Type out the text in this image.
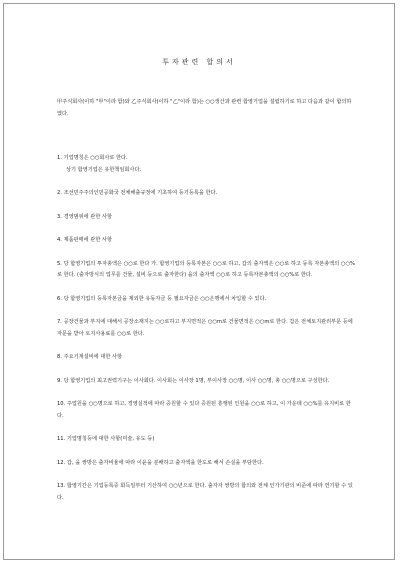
투자관련 합의서

甲주식회사(이하 "甲"이라 함)와 乙주식회사(이하 "乙"이라 함)는 ○○생산과 관련 합영기업을 설립하기로 하고 다음과 같이 합의하였다.

1. 기업명칭은 ○○회사로 한다.

상기 합영기업은 유한책임회사다.

2. 조선민주주의인민공화국 전체해출규정에 기초하여 등기등록을 한다.

3. 경영범위에 관한 사항

4. 제품판매에 관한 사항

5. 당 합영기업의 투자총액은 ○○로 한다 가. 합영기업의 등록자본은 ○○로 하고, 갑의 출자액은 ○○로 하고 등록 자본총액의 ○○%로 한다. (출자방식의 업무를 건물, 설비 등으로 출자한다) 을의 출자액 ○○로 하고 등록자본총액의 ○○%로 한다.

6. 당 합영기업의 등록자본금을 제외한 유동자금 등 필요자금은 ○○은행에서 차입할 수 있다.

7. 공장건물과 부지에 대해서 공장소재지는 ○○로하고 부지면적은 ○○m로 건물면적은 ○○m로 한다. 갑은 전체토지관리부문 등에 자문을 받아 토지사용료를 ○○로 한다.

8. 주요기계설비에 대한 사항

9. 당 합영기업의 최고권력기구는 이사회다. 이사회는 이사장 1명, 부이사장 ○○명, 이사 ○○명, 총 ○○명으로 구성한다.

10. 주업원을 ○○명으로 하고, 경영실적에 따라 증원할 수 있다 증원된 흥행된 인원을 ○○로 하고, 이 가운데 ○○%를 유지비로 한다.

11. 기업명칭등에 대한 사항(미술, 유도 등)

12. 갑, 을 쌍방은 출자비율에 따라 이윤을 분배하고 출자액을 한도로 해서 손실을 부담한다.

13. 합영기간은 기업등록증 회득일부터 기산하여 ○○년으로 한다. 출자자 쌍방의 합의와 전체 인가기관의 비준에 따라 연기할 수 있다.
